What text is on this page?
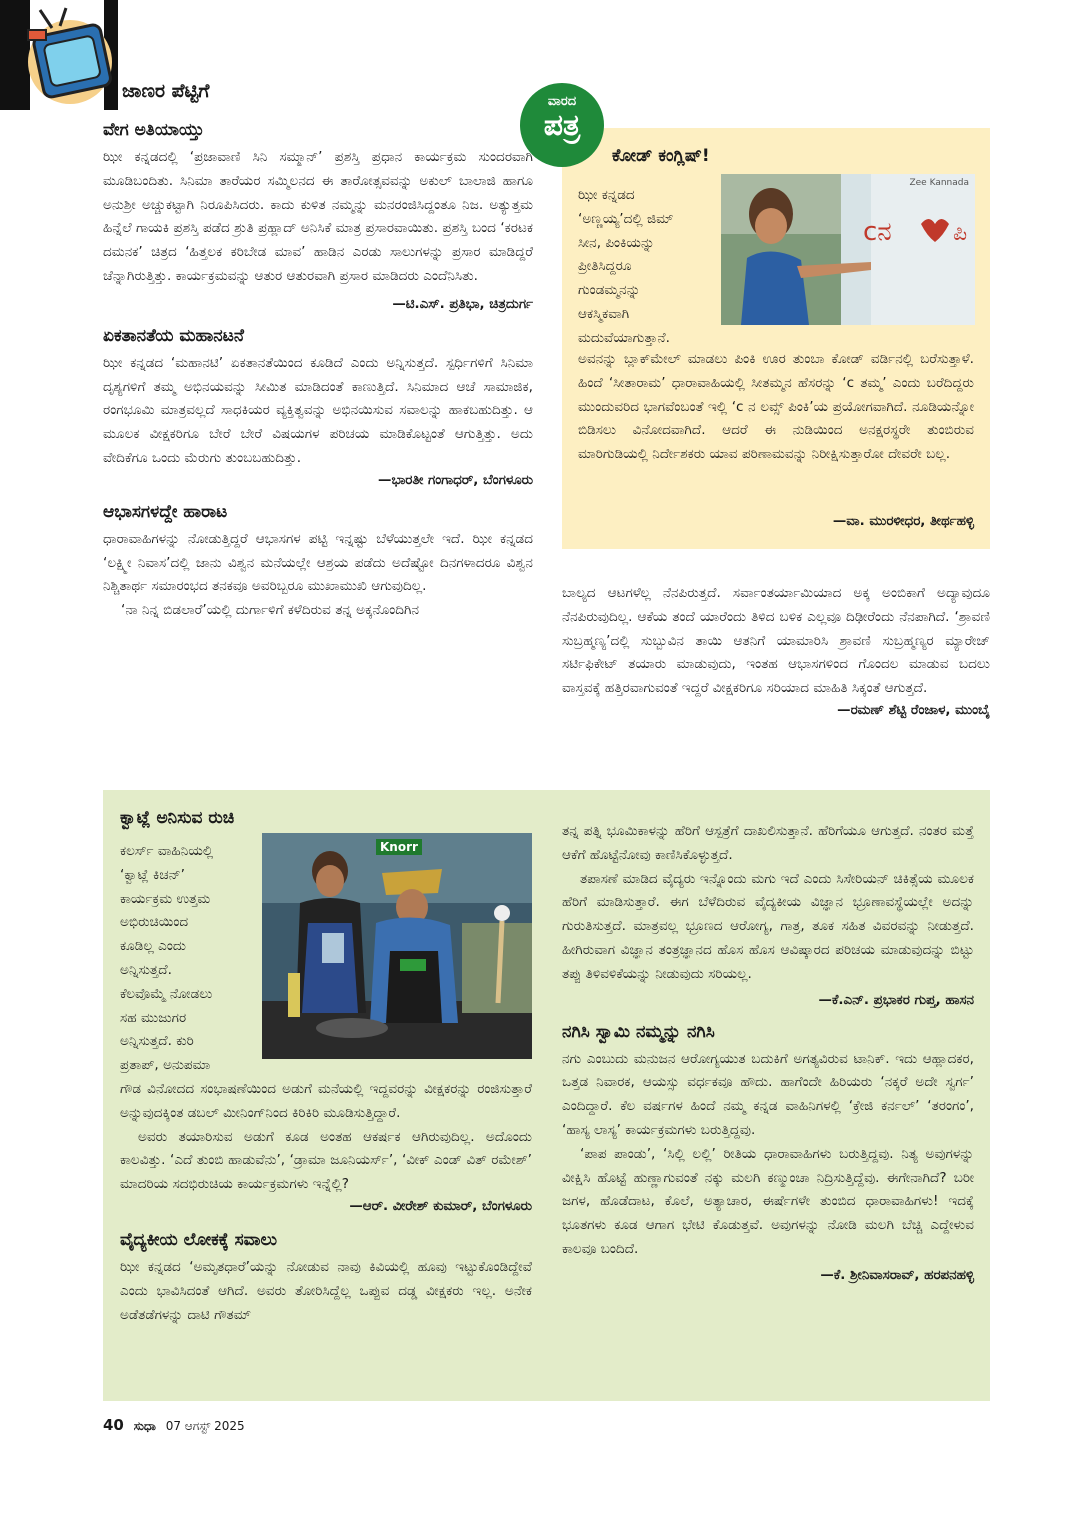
ಜಾಣರ ಪೆಟ್ಟಿಗೆ	ವಾರದ
ಪತ್ರ

ವೇಗ ಅತಿಯಾಯ್ತು

ಝೀ ಕನ್ನಡದಲ್ಲಿ ‘ಪ್ರಜಾವಾಣಿ ಸಿನಿ ಸಮ್ಮಾನ್’ ಪ್ರಶಸ್ತಿ ಪ್ರಧಾನ ಕಾರ್ಯಕ್ರಮ ಸುಂದರವಾಗಿ ಮೂಡಿಬಂದಿತು. ಸಿನಿಮಾ ತಾರೆಯರ ಸಮ್ಮಿಲನದ ಈ ತಾರೋತ್ಸವವನ್ನು ಅಕುಲ್ ಬಾಲಾಜಿ ಹಾಗೂ ಅನುಶ್ರೀ ಅಚ್ಚುಕಟ್ಟಾಗಿ ನಿರೂಪಿಸಿದರು. ಕಾದು ಕುಳಿತ ನಮ್ಮನ್ನು ಮನರಂಜಿಸಿದ್ದಂತೂ ನಿಜ. ಅತ್ಯುತ್ತಮ ಹಿನ್ನೆಲೆ ಗಾಯಕಿ ಪ್ರಶಸ್ತಿ ಪಡೆದ ಶ್ರುತಿ ಪ್ರಹ್ಲಾದ್ ಅನಿಸಿಕೆ ಮಾತ್ರ ಪ್ರಸಾರವಾಯಿತು. ಪ್ರಶಸ್ತಿ ಬಂದ ‘ಕರಟಕ ದಮನಕ’ ಚಿತ್ರದ ‘ಹಿತ್ತಲಕ ಕರಿಬೇಡ ಮಾವ’ ಹಾಡಿನ ಎರಡು ಸಾಲುಗಳನ್ನು ಪ್ರಸಾರ ಮಾಡಿದ್ದರೆ ಚೆನ್ನಾಗಿರುತ್ತಿತ್ತು. ಕಾರ್ಯಕ್ರಮವನ್ನು ಆತುರ ಆತುರವಾಗಿ ಪ್ರಸಾರ ಮಾಡಿದರು ಎಂದೆನಿಸಿತು.

—ಟಿ.ಎಸ್. ಪ್ರತಿಭಾ, ಚಿತ್ರದುರ್ಗ

ಏಕತಾನತೆಯ ಮಹಾನಟನೆ

ಝೀ ಕನ್ನಡದ ‘ಮಹಾನಟಿ’ ಏಕತಾನತೆಯಿಂದ ಕೂಡಿದೆ ಎಂದು ಅನ್ನಿಸುತ್ತದೆ. ಸ್ಪರ್ಧಿಗಳಿಗೆ ಸಿನಿಮಾ ದೃಶ್ಯಗಳಿಗೆ ತಮ್ಮ ಅಭಿನಯವನ್ನು ಸೀಮಿತ ಮಾಡಿದಂತೆ ಕಾಣುತ್ತಿದೆ. ಸಿನಿಮಾದ ಆಚೆ ಸಾಮಾಜಿಕ, ರಂಗಭೂಮಿ ಮಾತ್ರವಲ್ಲದೆ ಸಾಧಕಿಯರ ವ್ಯಕ್ತಿತ್ವವನ್ನು ಅಭಿನಯಿಸುವ ಸವಾಲನ್ನು ಹಾಕಬಹುದಿತ್ತು. ಆ ಮೂಲಕ ವೀಕ್ಷಕರಿಗೂ ಬೇರೆ ಬೇರೆ ವಿಷಯಗಳ ಪರಿಚಯ ಮಾಡಿಕೊಟ್ಟಂತೆ ಆಗುತ್ತಿತ್ತು. ಅದು ವೇದಿಕೆಗೂ ಒಂದು ಮೆರುಗು ತುಂಬಬಹುದಿತ್ತು.

—ಭಾರತೀ ಗಂಗಾಧರ್, ಬೆಂಗಳೂರು

ಆಭಾಸಗಳದ್ದೇ ಹಾರಾಟ

ಧಾರಾವಾಹಿಗಳನ್ನು ನೋಡುತ್ತಿದ್ದರೆ ಆಭಾಸಗಳ ಪಟ್ಟಿ ಇನ್ನಷ್ಟು ಬೆಳೆಯುತ್ತಲೇ ಇದೆ. ಝೀ ಕನ್ನಡದ ‘ಲಕ್ಷ್ಮೀ ನಿವಾಸ’ದಲ್ಲಿ ಜಾನು ವಿಶ್ವನ ಮನೆಯಲ್ಲೇ ಆಶ್ರಯ ಪಡೆದು ಅದೆಷ್ಟೋ ದಿನಗಳಾದರೂ ವಿಶ್ವನ ನಿಶ್ಚಿತಾರ್ಥ ಸಮಾರಂಭದ ತನಕವೂ ಅವರಿಬ್ಬರೂ ಮುಖಾಮುಖಿ ಆಗುವುದಿಲ್ಲ.

‘ನಾ ನಿನ್ನ ಬಿಡಲಾರೆ’ಯಲ್ಲಿ ದುರ್ಗಾಳಿಗೆ ಕಳೆದಿರುವ ತನ್ನ ಅಕ್ಕನೊಂದಿಗಿನ

ಕೋಡ್ ಕಂಗ್ಲಿಷ್!

ಝೀ ಕನ್ನಡದ
‘ಅಣ್ಣಯ್ಯ’ದಲ್ಲಿ ಜಿಮ್
ಸೀನ, ಪಿಂಕಿಯನ್ನು
ಪ್ರೀತಿಸಿದ್ದರೂ
ಗುಂಡಮ್ಮನನ್ನು
ಆಕಸ್ಮಿಕವಾಗಿ
ಮದುವೆಯಾಗುತ್ತಾನೆ.
cನ	ಪಿ
Zee Kannada

ಅವನನ್ನು ಬ್ಲಾಕ್‌ಮೇಲ್ ಮಾಡಲು ಪಿಂಕಿ ಊರ ತುಂಬಾ ಕೋಡ್ ವರ್ಡಿನಲ್ಲಿ ಬರೆಸುತ್ತಾಳೆ. ಹಿಂದೆ ‘ಸೀತಾರಾಮ’ ಧಾರಾವಾಹಿಯಲ್ಲಿ ಸೀತಮ್ಮನ ಹೆಸರನ್ನು ‘c ತಮ್ಮ’ ಎಂದು ಬರೆದಿದ್ದರು ಮುಂದುವರಿದ ಭಾಗವೆಂಬಂತೆ ಇಲ್ಲಿ ‘c ನ ಲವ್ಸ್ ಪಿಂಕಿ’ಯ ಪ್ರಯೋಗವಾಗಿದೆ. ನೂಡಿಯನ್ನೋ ಬಿಡಿಸಲು ವಿನೋದವಾಗಿದೆ. ಆದರೆ ಈ ನುಡಿಯಿಂದ ಅನಕ್ಷರಸ್ಥರೇ ತುಂಬಿರುವ ಮಾರಿಗುಡಿಯಲ್ಲಿ ನಿರ್ದೇಶಕರು ಯಾವ ಪರಿಣಾಮವನ್ನು ನಿರೀಕ್ಷಿಸುತ್ತಾರೋ ದೇವರೇ ಬಲ್ಲ.

—ವಾ. ಮುರಳೀಧರ, ತೀರ್ಥಹಳ್ಳಿ

ಬಾಲ್ಯದ ಆಟಗಳೆಲ್ಲ ನೆನಪಿರುತ್ತದೆ. ಸರ್ವಾಂತರ್ಯಾಮಿಯಾದ ಅಕ್ಕ ಅಂಬಿಕಾಗೆ ಅದ್ಯಾವುದೂ ನೆನಪಿರುವುದಿಲ್ಲ. ಆಕೆಯ ತಂದೆ ಯಾರೆಂದು ತಿಳಿದ ಬಳಿಕ ಎಲ್ಲವೂ ದಿಢೀರೆಂದು ನೆನಪಾಗಿದೆ. ‘ಶ್ರಾವಣಿ ಸುಬ್ರಹ್ಮಣ್ಯ’ದಲ್ಲಿ ಸುಬ್ಬುವಿನ ತಾಯಿ ಆತನಿಗೆ ಯಾಮಾರಿಸಿ ಶ್ರಾವಣಿ ಸುಬ್ರಹ್ಮಣ್ಯರ ಮ್ಯಾರೇಜ್ ಸರ್ಟಿಫಿಕೇಟ್ ತಯಾರು ಮಾಡುವುದು, ಇಂತಹ ಆಭಾಸಗಳಿಂದ ಗೊಂದಲ ಮಾಡುವ ಬದಲು ವಾಸ್ತವಕ್ಕೆ ಹತ್ತಿರವಾಗುವಂತೆ ಇದ್ದರೆ ವೀಕ್ಷಕರಿಗೂ ಸರಿಯಾದ ಮಾಹಿತಿ ಸಿಕ್ಕಂತೆ ಆಗುತ್ತದೆ.

—ರಮಣ್ ಶೆಟ್ಟಿ ರೆಂಜಾಳ, ಮುಂಬೈ

ಕ್ವಾಟ್ಲೆ ಅನಿಸುವ ರುಚಿ

ಕಲರ್ಸ್ ವಾಹಿನಿಯಲ್ಲಿ
‘ಕ್ವಾಟ್ಲೆ ಕಿಚನ್’
ಕಾರ್ಯಕ್ರಮ ಉತ್ತಮ
ಅಭಿರುಚಿಯಿಂದ
ಕೂಡಿಲ್ಲ ಎಂದು
ಅನ್ನಿಸುತ್ತದೆ.
ಕೆಲವೊಮ್ಮೆ ನೋಡಲು
ಸಹ ಮುಜುಗರ
ಅನ್ನಿಸುತ್ತದೆ. ಕುರಿ
ಪ್ರತಾಪ್, ಅನುಪಮಾ
Knorr

ಗೌಡ ವಿನೋದದ ಸಂಭಾಷಣೆಯಿಂದ ಅಡುಗೆ ಮನೆಯಲ್ಲಿ ಇದ್ದವರನ್ನು ವೀಕ್ಷಕರನ್ನು ರಂಜಿಸುತ್ತಾರೆ ಅನ್ನುವುದಕ್ಕಿಂತ ಡಬಲ್ ಮೀನಿಂಗ್‌ನಿಂದ ಕಿರಿಕಿರಿ ಮೂಡಿಸುತ್ತಿದ್ದಾರೆ.

ಅವರು ತಯಾರಿಸುವ ಅಡುಗೆ ಕೂಡ ಅಂತಹ ಆಕರ್ಷಕ ಆಗಿರುವುದಿಲ್ಲ. ಅದೊಂದು ಕಾಲವಿತ್ತು. ‘ಎದೆ ತುಂಬಿ ಹಾಡುವೆನು’, ‘ಡ್ರಾಮಾ ಜೂನಿಯರ್ಸ್’, ‘ವೀಕ್ ಎಂಡ್ ವಿತ್ ರಮೇಶ್’ ಮಾದರಿಯ ಸದಭಿರುಚಿಯ ಕಾರ್ಯಕ್ರಮಗಳು ಇನ್ನೆಲ್ಲಿ?

—ಆರ್. ವೀರೇಶ್ ಕುಮಾರ್, ಬೆಂಗಳೂರು

ವೈದ್ಯಕೀಯ ಲೋಕಕ್ಕೆ ಸವಾಲು

ಝೀ ಕನ್ನಡದ ‘ಅಮೃತಧಾರೆ’ಯನ್ನು ನೋಡುವ ನಾವು ಕಿವಿಯಲ್ಲಿ ಹೂವು ಇಟ್ಟುಕೊಂಡಿದ್ದೇವೆ ಎಂದು ಭಾವಿಸಿದಂತೆ ಆಗಿದೆ. ಅವರು ತೋರಿಸಿದ್ದೆಲ್ಲ ಒಪ್ಪುವ ದಡ್ಡ ವೀಕ್ಷಕರು ಇಲ್ಲ. ಅನೇಕ ಅಡೆತಡೆಗಳನ್ನು ದಾಟಿ ಗೌತಮ್

ತನ್ನ ಪತ್ನಿ ಭೂಮಿಕಾಳನ್ನು ಹೆರಿಗೆ ಆಸ್ಪತ್ರೆಗೆ ದಾಖಲಿಸುತ್ತಾನೆ. ಹೆರಿಗೆಯೂ ಆಗುತ್ತದೆ. ನಂತರ ಮತ್ತೆ ಆಕೆಗೆ ಹೊಟ್ಟೆನೋವು ಕಾಣಿಸಿಕೊಳ್ಳುತ್ತದೆ.

ತಪಾಸಣೆ ಮಾಡಿದ ವೈದ್ಯರು ಇನ್ನೊಂದು ಮಗು ಇದೆ ಎಂದು ಸಿಸೇರಿಯನ್ ಚಿಕಿತ್ಸೆಯ ಮೂಲಕ ಹೆರಿಗೆ ಮಾಡಿಸುತ್ತಾರೆ. ಈಗ ಬೆಳೆದಿರುವ ವೈದ್ಯಕೀಯ ವಿಜ್ಞಾನ ಭ್ರೂಣಾವಸ್ಥೆಯಲ್ಲೇ ಅದನ್ನು ಗುರುತಿಸುತ್ತದೆ. ಮಾತ್ರವಲ್ಲ ಭ್ರೂಣದ ಆರೋಗ್ಯ, ಗಾತ್ರ, ತೂಕ ಸಹಿತ ವಿವರವನ್ನು ನೀಡುತ್ತದೆ. ಹೀಗಿರುವಾಗ ವಿಜ್ಞಾನ ತಂತ್ರಜ್ಞಾನದ ಹೊಸ ಹೊಸ ಆವಿಷ್ಕಾರದ ಪರಿಚಯ ಮಾಡುವುದನ್ನು ಬಿಟ್ಟು ತಪ್ಪು ತಿಳಿವಳಿಕೆಯನ್ನು ನೀಡುವುದು ಸರಿಯಲ್ಲ.

—ಕೆ.ಎನ್. ಪ್ರಭಾಕರ ಗುಪ್ತ, ಹಾಸನ

ನಗಿಸಿ ಸ್ವಾಮಿ ನಮ್ಮನ್ನು ನಗಿಸಿ

ನಗು ಎಂಬುದು ಮನುಜನ ಆರೋಗ್ಯಯುತ ಬದುಕಿಗೆ ಅಗತ್ಯವಿರುವ ಟಾನಿಕ್. ಇದು ಆಹ್ಲಾದಕರ, ಒತ್ತಡ ನಿವಾರಕ, ಆಯಸ್ಸು ವರ್ಧಕವೂ ಹೌದು. ಹಾಗೆಂದೇ ಹಿರಿಯರು ‘ನಕ್ಕರೆ ಅದೇ ಸ್ವರ್ಗ’ ಎಂದಿದ್ದಾರೆ. ಕೆಲ ವರ್ಷಗಳ ಹಿಂದೆ ನಮ್ಮ ಕನ್ನಡ ವಾಹಿನಿಗಳಲ್ಲಿ ‘ಕ್ರೇಜಿ ಕರ್ನಲ್’ ‘ತರಂಗಂ’, ‘ಹಾಸ್ಯ ಲಾಸ್ಯ’ ಕಾರ್ಯಕ್ರಮಗಳು ಬರುತ್ತಿದ್ದವು.

‘ಪಾಪ ಪಾಂಡು’, ‘ಸಿಲ್ಲಿ ಲಲ್ಲಿ’ ರೀತಿಯ ಧಾರಾವಾಹಿಗಳು ಬರುತ್ತಿದ್ದವು. ನಿತ್ಯ ಅವುಗಳನ್ನು ವೀಕ್ಷಿಸಿ ಹೊಟ್ಟೆ ಹುಣ್ಣಾಗುವಂತೆ ನಕ್ಕು ಮಲಗಿ ಕಣ್ಮುಂಚಾ ನಿದ್ರಿಸುತ್ತಿದ್ದೆವು. ಈಗೇನಾಗಿದೆ? ಬರೀ ಜಗಳ, ಹೊಡೆದಾಟ, ಕೊಲೆ, ಅತ್ಯಾಚಾರ, ಈರ್ಷೆಗಳೇ ತುಂಬಿದ ಧಾರಾವಾಹಿಗಳು! ಇದಕ್ಕೆ ಭೂತಗಳು ಕೂಡ ಆಗಾಗ ಭೇಟಿ ಕೊಡುತ್ತವೆ. ಅವುಗಳನ್ನು ನೋಡಿ ಮಲಗಿ ಬೆಚ್ಚಿ ಎದ್ದೇಳುವ ಕಾಲವೂ ಬಂದಿದೆ.

—ಕೆ. ಶ್ರೀನಿವಾಸರಾವ್, ಹರಪನಹಳ್ಳಿ

40 ಸುಧಾ 07 ಆಗಸ್ಟ್ 2025
